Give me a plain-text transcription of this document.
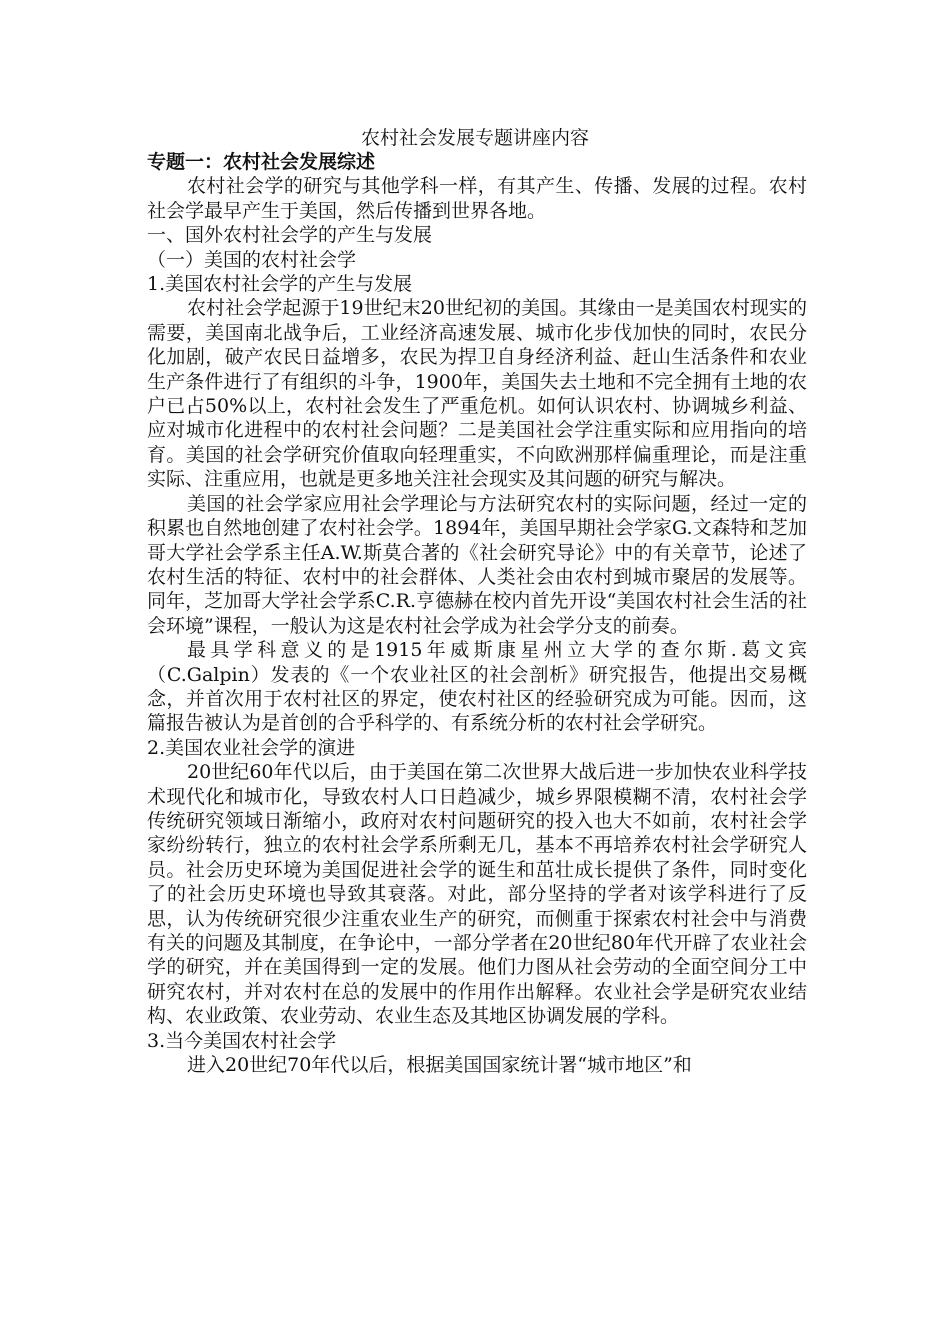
农村社会发展专题讲座内容

专题一：农村社会发展综述

农村社会学的研究与其他学科一样，有其产生、传播、发展的过程。农村社会学最早产生于美国，然后传播到世界各地。

一、国外农村社会学的产生与发展

（一）美国的农村社会学

1.美国农村社会学的产生与发展

农村社会学起源于19世纪末20世纪初的美国。其缘由一是美国农村现实的需要，美国南北战争后，工业经济高速发展、城市化步伐加快的同时，农民分化加剧，破产农民日益增多，农民为捍卫自身经济利益、赶山生活条件和农业生产条件进行了有组织的斗争，1900年，美国失去土地和不完全拥有土地的农户已占50%以上，农村社会发生了严重危机。如何认识农村、协调城乡利益、应对城市化进程中的农村社会问题？二是美国社会学注重实际和应用指向的培育。美国的社会学研究价值取向轻理重实，不向欧洲那样偏重理论，而是注重实际、注重应用，也就是更多地关注社会现实及其问题的研究与解决。

美国的社会学家应用社会学理论与方法研究农村的实际问题，经过一定的积累也自然地创建了农村社会学。1894年，美国早期社会学家G.文森特和芝加哥大学社会学系主任A.W.斯莫合著的《社会研究导论》中的有关章节，论述了农村生活的特征、农村中的社会群体、人类社会由农村到城市聚居的发展等。同年，芝加哥大学社会学系C.R.亨德赫在校内首先开设“美国农村社会生活的社会环境”课程，一般认为这是农村社会学成为社会学分支的前奏。

最具学科意义的是1915年威斯康星州立大学的查尔斯.葛文宾（C.Galpin）发表的《一个农业社区的社会剖析》研究报告，他提出交易概念，并首次用于农村社区的界定，使农村社区的经验研究成为可能。因而，这篇报告被认为是首创的合乎科学的、有系统分析的农村社会学研究。

2.美国农业社会学的演进

20世纪60年代以后，由于美国在第二次世界大战后进一步加快农业科学技术现代化和城市化，导致农村人口日趋减少，城乡界限模糊不清，农村社会学传统研究领域日渐缩小，政府对农村问题研究的投入也大不如前，农村社会学家纷纷转行，独立的农村社会学系所剩无几，基本不再培养农村社会学研究人员。社会历史环境为美国促进社会学的诞生和茁壮成长提供了条件，同时变化了的社会历史环境也导致其衰落。对此，部分坚持的学者对该学科进行了反思，认为传统研究很少注重农业生产的研究，而侧重于探索农村社会中与消费有关的问题及其制度，在争论中，一部分学者在20世纪80年代开辟了农业社会学的研究，并在美国得到一定的发展。他们力图从社会劳动的全面空间分工中研究农村，并对农村在总的发展中的作用作出解释。农业社会学是研究农业结构、农业政策、农业劳动、农业生态及其地区协调发展的学科。

3.当今美国农村社会学

进入20世纪70年代以后，根据美国国家统计署“城市地区”和
